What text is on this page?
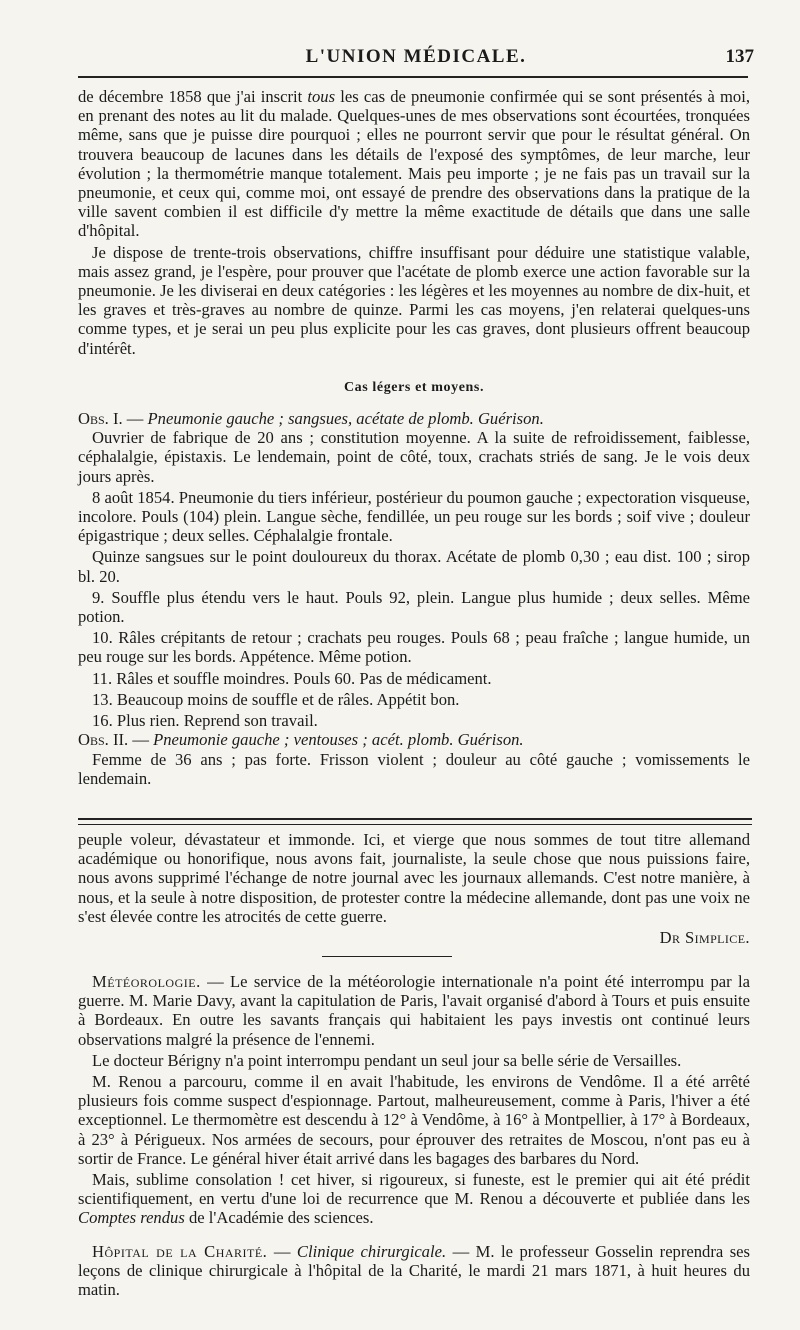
L'UNION MÉDICALE.	137

de décembre 1858 que j'ai inscrit tous les cas de pneumonie confirmée qui se sont présentés à moi, en prenant des notes au lit du malade. Quelques-unes de mes observations sont écourtées, tronquées même, sans que je puisse dire pourquoi ; elles ne pourront servir que pour le résultat général. On trouvera beaucoup de lacunes dans les détails de l'exposé des symptômes, de leur marche, leur évolution ; la thermométrie manque totalement. Mais peu importe ; je ne fais pas un travail sur la pneumonie, et ceux qui, comme moi, ont essayé de prendre des observations dans la pratique de la ville savent combien il est difficile d'y mettre la même exactitude de détails que dans une salle d'hôpital.

Je dispose de trente-trois observations, chiffre insuffisant pour déduire une statistique valable, mais assez grand, je l'espère, pour prouver que l'acétate de plomb exerce une action favorable sur la pneumonie. Je les diviserai en deux catégories : les légères et les moyennes au nombre de dix-huit, et les graves et très-graves au nombre de quinze. Parmi les cas moyens, j'en relaterai quelques-uns comme types, et je serai un peu plus explicite pour les cas graves, dont plusieurs offrent beaucoup d'intérêt.

Cas légers et moyens.

Obs. I. — Pneumonie gauche ; sangsues, acétate de plomb. Guérison.

Ouvrier de fabrique de 20 ans ; constitution moyenne. A la suite de refroidissement, faiblesse, céphalalgie, épistaxis. Le lendemain, point de côté, toux, crachats striés de sang. Je le vois deux jours après.

8 août 1854. Pneumonie du tiers inférieur, postérieur du poumon gauche ; expectoration visqueuse, incolore. Pouls (104) plein. Langue sèche, fendillée, un peu rouge sur les bords ; soif vive ; douleur épigastrique ; deux selles. Céphalalgie frontale.

Quinze sangsues sur le point douloureux du thorax. Acétate de plomb 0,30 ; eau dist. 100 ; sirop bl. 20.

9. Souffle plus étendu vers le haut. Pouls 92, plein. Langue plus humide ; deux selles. Même potion.

10. Râles crépitants de retour ; crachats peu rouges. Pouls 68 ; peau fraîche ; langue humide, un peu rouge sur les bords. Appétence. Même potion.

11. Râles et souffle moindres. Pouls 60. Pas de médicament.

13. Beaucoup moins de souffle et de râles. Appétit bon.

16. Plus rien. Reprend son travail.

Obs. II. — Pneumonie gauche ; ventouses ; acét. plomb. Guérison.

Femme de 36 ans ; pas forte. Frisson violent ; douleur au côté gauche ; vomissements le lendemain.

peuple voleur, dévastateur et immonde. Ici, et vierge que nous sommes de tout titre allemand académique ou honorifique, nous avons fait, journaliste, la seule chose que nous puissions faire, nous avons supprimé l'échange de notre journal avec les journaux allemands. C'est notre manière, à nous, et la seule à notre disposition, de protester contre la médecine allemande, dont pas une voix ne s'est élevée contre les atrocités de cette guerre.

Dr Simplice.

Météorologie. — Le service de la météorologie internationale n'a point été interrompu par la guerre. M. Marie Davy, avant la capitulation de Paris, l'avait organisé d'abord à Tours et puis ensuite à Bordeaux. En outre les savants français qui habitaient les pays investis ont continué leurs observations malgré la présence de l'ennemi.

Le docteur Bérigny n'a point interrompu pendant un seul jour sa belle série de Versailles.

M. Renou a parcouru, comme il en avait l'habitude, les environs de Vendôme. Il a été arrêté plusieurs fois comme suspect d'espionnage. Partout, malheureusement, comme à Paris, l'hiver a été exceptionnel. Le thermomètre est descendu à 12° à Vendôme, à 16° à Montpellier, à 17° à Bordeaux, à 23° à Périgueux. Nos armées de secours, pour éprouver des retraites de Moscou, n'ont pas eu à sortir de France. Le général hiver était arrivé dans les bagages des barbares du Nord.

Mais, sublime consolation ! cet hiver, si rigoureux, si funeste, est le premier qui ait été prédit scientifiquement, en vertu d'une loi de recurrence que M. Renou a découverte et publiée dans les Comptes rendus de l'Académie des sciences.

Hôpital de la Charité. — Clinique chirurgicale. — M. le professeur Gosselin reprendra ses leçons de clinique chirurgicale à l'hôpital de la Charité, le mardi 21 mars 1871, à huit heures du matin.
